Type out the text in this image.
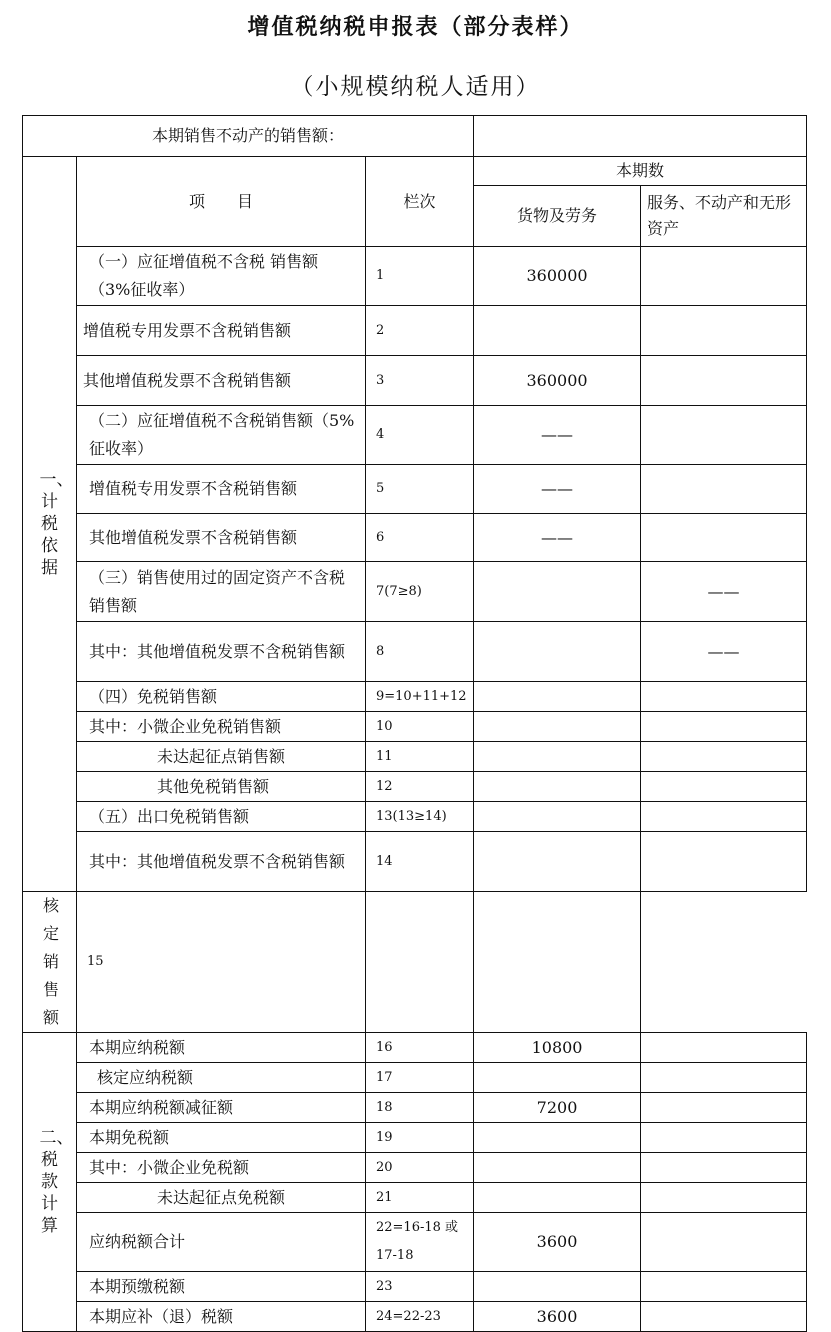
增值税纳税申报表（部分表样）
（小规模纳税人适用）
本期销售不动产的销售额：				
一、计税依据	项　　目	栏次	本期数	
			货物及劳务	服务、不动产和无形资产
	（一）应征增值税不含税 销售额（3%征收率）	1	360000	
	增值税专用发票不含税销售额	2		
	其他增值税发票不含税销售额	3	360000	
	（二）应征增值税不含税销售额（5%征收率）	4	——	
	增值税专用发票不含税销售额	5	——	
	其他增值税发票不含税销售额	6	——	
	（三）销售使用过的固定资产不含税销售额	7(7≥8)		——
	其中：其他增值税发票不含税销售额	8		——
	（四）免税销售额	9=10+11+12		
	其中：小微企业免税销售额	10		
	未达起征点销售额	11		
	其他免税销售额	12		
	（五）出口免税销售额	13(13≥14)		
	其中：其他增值税发票不含税销售额	14		
核定销售额	15			
二、税款计算	本期应纳税额	16	10800	
	核定应纳税额	17		
	本期应纳税额减征额	18	7200	
	本期免税额	19		
	其中：小微企业免税额	20		
	未达起征点免税额	21		
	应纳税额合计	22=16-18 或17-18	3600	
	本期预缴税额	23		
	本期应补（退）税额	24=22-23	3600	
